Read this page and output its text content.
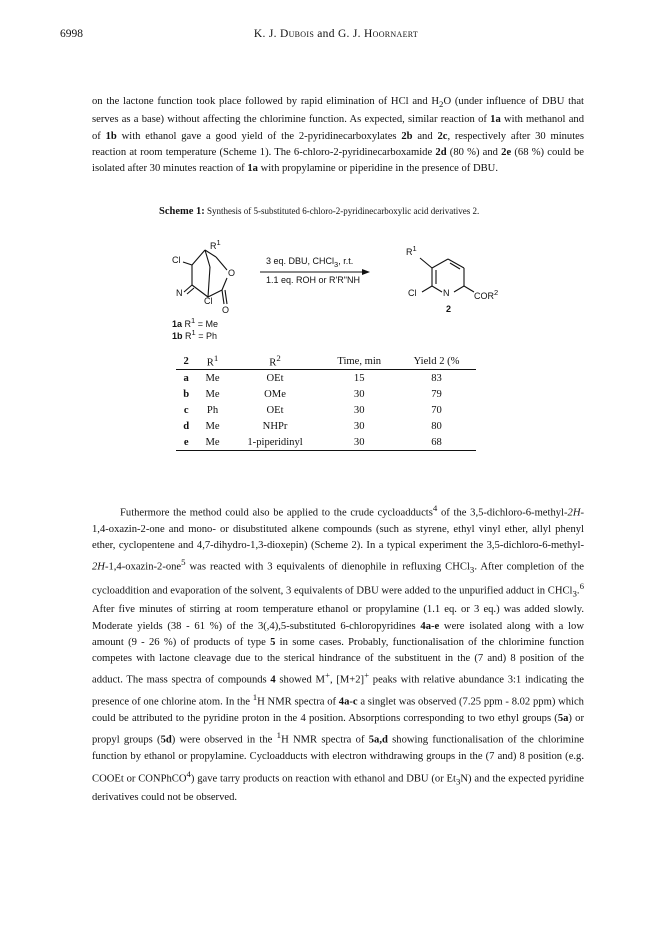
6998	K. J. Dubois and G. J. Hoornaert
on the lactone function took place followed by rapid elimination of HCl and $H_2O$ (under influence of DBU that serves as a base) without affecting the chlorimine function. As expected, similar reaction of 1a with methanol and of 1b with ethanol gave a good yield of the 2-pyridinecarboxylates 2b and 2c, respectively after 30 minutes reaction at room temperature (Scheme 1). The 6-chloro-2-pyridinecarboxamide 2d (80 %) and 2e (68 %) could be isolated after 30 minutes reaction of 1a with propylamine or piperidine in the presence of DBU.
Scheme 1: Synthesis of 5-substituted 6-chloro-2-pyridinecarboxylic acid derivatives 2.
Cl
$R^1$
O
N
Cl
O
1a $R^1 = Me$
1b $R^1 = Ph$
3 eq. DBU, CHCl$_3$, r.t.
1.1 eq. ROH or R'R"NH
$R^1$
Cl	N	COR$^2$
2
2	$R^1$	$R^2$	Time, min	Yield 2 (%
a	Me	OEt	15	83
b	Me	OMe	30	79
c	Ph	OEt	30	70
d	Me	NHPr	30	80
e	Me	1-piperidinyl	30	68
Futhermore the method could also be applied to the crude cycloadducts$^4$ of the 3,5-dichloro-6-methyl-2H-1,4-oxazin-2-one and mono- or disubstituted alkene compounds (such as styrene, ethyl vinyl ether, allyl phenyl ether, cyclopentene and 4,7-dihydro-1,3-dioxepin) (Scheme 2). In a typical experiment the 3,5-dichloro-6-methyl-2H-1,4-oxazin-2-one$^5$ was reacted with 3 equivalents of dienophile in refluxing CHCl$_3$. After completion of the cycloaddition and evaporation of the solvent, 3 equivalents of DBU were added to the unpurified adduct in CHCl$_3$.$^6$ After five minutes of stirring at room temperature ethanol or propylamine (1.1 eq. or 3 eq.) was added slowly. Moderate yields (38 - 61 %) of the 3(,4),5-substituted 6-chloropyridines 4a-e were isolated along with a low amount (9 - 26 %) of products of type 5 in some cases. Probably, functionalisation of the chlorimine function competes with lactone cleavage due to the sterical hindrance of the substituent in the (7 and) 8 position of the adduct. The mass spectra of compounds 4 showed M+, [M+2]+ peaks with relative abundance 3:1 indicating the presence of one chlorine atom. In the $^1$H NMR spectra of 4a-c a singlet was observed (7.25 ppm - 8.02 ppm) which could be attributed to the pyridine proton in the 4 position. Absorptions corresponding to two ethyl groups (5a) or propyl groups (5d) were observed in the $^1$H NMR spectra of 5a,d showing functionalisation of the chlorimine function by ethanol or propylamine. Cycloadducts with electron withdrawing groups in the (7 and) 8 position (e.g. COOEt or CONPhCO$^4$) gave tarry products on reaction with ethanol and DBU (or $Et_3N$) and the expected pyridine derivatives could not be observed.
